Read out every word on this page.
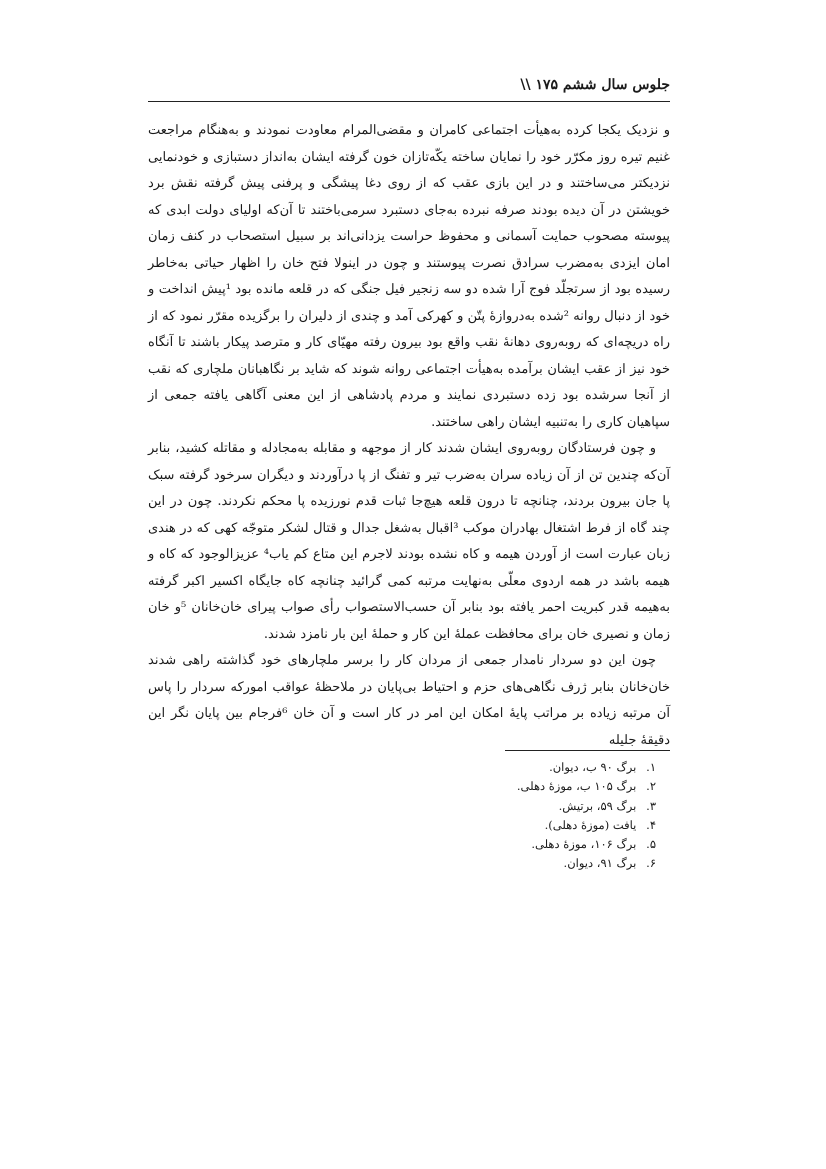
جلوس سال ششم ۱۷۵ \\

و نزدیک یکجا کرده به‌هیأت اجتماعی کامران و مقضی‌المرام معاودت نمودند و به‌هنگام مراجعت غنیم تیره روز مکرّر خود را نمایان ساخته یکّه‌تازان خون گرفته ایشان به‌انداز دستبازی و خودنمایی نزدیکتر می‌ساختند و در این بازی عقب که از روی دغا پیشگی و پرفنی پیش گرفته نقش برد خویشتن در آن دیده بودند صرفه نبرده به‌جای دستبرد سرمی‌باختند تا آن‌که اولیای دولت ابدی که پیوسته مصحوب حمایت آسمانی و محفوظ حراست یزدانی‌اند بر سبیل استصحاب در کنف زمان امان ایزدی به‌مضرب سرادق نصرت پیوستند و چون در اینولا فتح خان را اظهار حیاتی به‌خاطر رسیده بود از سرتجلّد فوج آرا شده دو سه زنجیر فیل جنگی که در قلعه مانده بود ¹پیش انداخت و خود از دنبال روانه ²شده به‌دروازهٔ پتّن و کهرکی آمد و چندی از دلیران را برگزیده مقرّر نمود که از راه دریچه‌ای که روبه‌روی دهانهٔ نقب واقع بود بیرون رفته مهیّای کار و مترصد پیکار باشند تا آنگاه خود نیز از عقب ایشان برآمده به‌هیأت اجتماعی روانه شوند که شاید بر نگاهبانان ملچاری که نقب از آنجا سرشده بود زده دستبردی نمایند و مردم پادشاهی از این معنی آگاهی یافته جمعی از سپاهیان کاری را به‌تنبیه ایشان راهی ساختند.

و چون فرستادگان روبه‌روی ایشان شدند کار از موجهه و مقابله به‌مجادله و مقاتله کشید، بنابر آن‌که چندین تن از آن زیاده سران به‌ضرب تیر و تفنگ از پا درآوردند و دیگران سرخود گرفته سبک پا جان بیرون بردند، چنانچه تا درون قلعه هیچ‌جا ثبات قدم نورزیده پا محکم نکردند. چون در این چند گاه از فرط اشتغال بهادران موکب ³اقبال به‌شغل جدال و قتال لشکر متوجّه کهی که در هندی زبان عبارت است از آوردن هیمه و کاه نشده بودند لاجرم این متاع کم یاب⁴ عزیزالوجود که کاه و هیمه باشد در همه اردوی معلّی به‌نهایت مرتبه کمی گرائید چنانچه کاه جایگاه اکسیر اکبر گرفته به‌هیمه قدر کبریت احمر یافته بود بنابر آن حسب‌الاستصواب رأی صواب پیرای خان‌خانان ⁵و خان زمان و نصیری خان برای محافظت عملهٔ این کار و حملهٔ این بار نامزد شدند.

چون این دو سردار نامدار جمعی از مردان کار را برسر ملچارهای خود گذاشته راهی شدند خان‌خانان بنابر ژرف نگاهی‌های حزم و احتیاط بی‌پایان در ملاحظهٔ عواقب اموركه سردار را پاس آن مرتبه زیاده بر مراتب پایهٔ امکان این امر در کار است و آن خان ⁶فرجام بین پایان نگر این دقیقهٔ جلیله

۱. برگ ۹۰ ب، دیوان.
۲. برگ ۱۰۵ ب، موزهٔ دهلی.
۳. برگ ۵۹، برتیش.
۴. یافت (موزهٔ دهلی).
۵. برگ ۱۰۶، موزهٔ دهلی.
۶. برگ ۹۱، دیوان.
